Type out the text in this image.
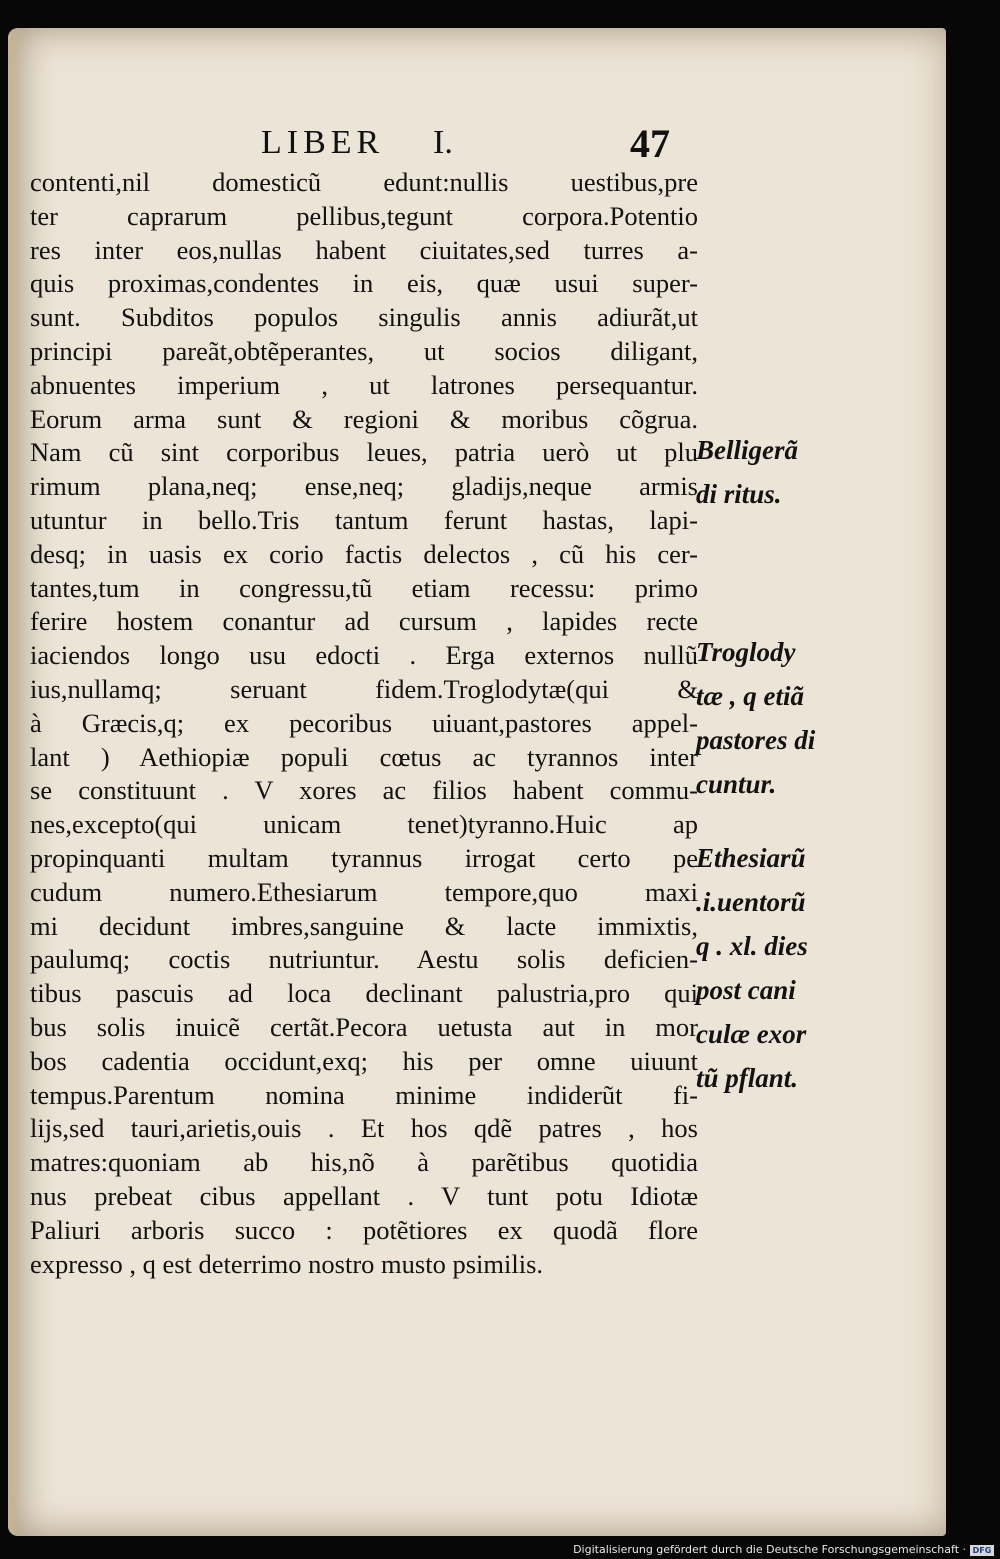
LIBER I.	47
contenti,nil domesticũ edunt:nullis uestibus,pre
ter caprarum pellibus,tegunt corpora.Potentio
res inter eos,nullas habent ciuitates,sed turres a-
quis proximas,condentes in eis, quæ usui super-
sunt. Subditos populos singulis annis adiurãt,ut
principi pareãt,obtẽperantes, ut socios diligant,
abnuentes imperium , ut latrones persequantur.
Eorum arma sunt & regioni & moribus cõgrua.
Nam cũ sint corporibus leues, patria uerò ut plu
rimum plana,neq; ense,neq; gladijs,neque armis
utuntur in bello.Tris tantum ferunt hastas, lapi-
desq; in uasis ex corio factis delectos , cũ his cer-
tantes,tum in congressu,tũ etiam recessu: primo
ferire hostem conantur ad cursum , lapides recte
iaciendos longo usu edocti . Erga externos nullũ
ius,nullamq; seruant fidem.Troglodytæ(qui &
à Græcis,q; ex pecoribus uiuant,pastores appel-
lant ) Aethiopiæ populi cœtus ac tyrannos inter
se constituunt . V xores ac filios habent commu-
nes,excepto(qui unicam tenet)tyranno.Huic ap
propinquanti multam tyrannus irrogat certo pe
cudum numero.Ethesiarum tempore,quo maxi
mi decidunt imbres,sanguine & lacte immixtis,
paulumq; coctis nutriuntur. Aestu solis deficien-
tibus pascuis ad loca declinant palustria,pro qui
bus solis inuicẽ certãt.Pecora uetusta aut in mor
bos cadentia occidunt,exq; his per omne uiuunt
tempus.Parentum nomina minime indiderũt fi-
lijs,sed tauri,arietis,ouis . Et hos qdẽ patres , hos
matres:quoniam ab his,nõ à parẽtibus quotidia
nus prebeat cibus appellant . V tunt potu Idiotæ
Paliuri arboris succo : potẽtiores ex quodã flore
expresso , q est deterrimo nostro musto psimilis.
Belligerã
di ritus.
Troglody
tæ , q etiã
pastores di
cuntur.
Ethesiarũ
.i.uentorũ
q . xl. dies
post cani
culæ exor
tũ pflant.
Digitalisierung gefördert durch die Deutsche Forschungsgemeinschaft · DFG
